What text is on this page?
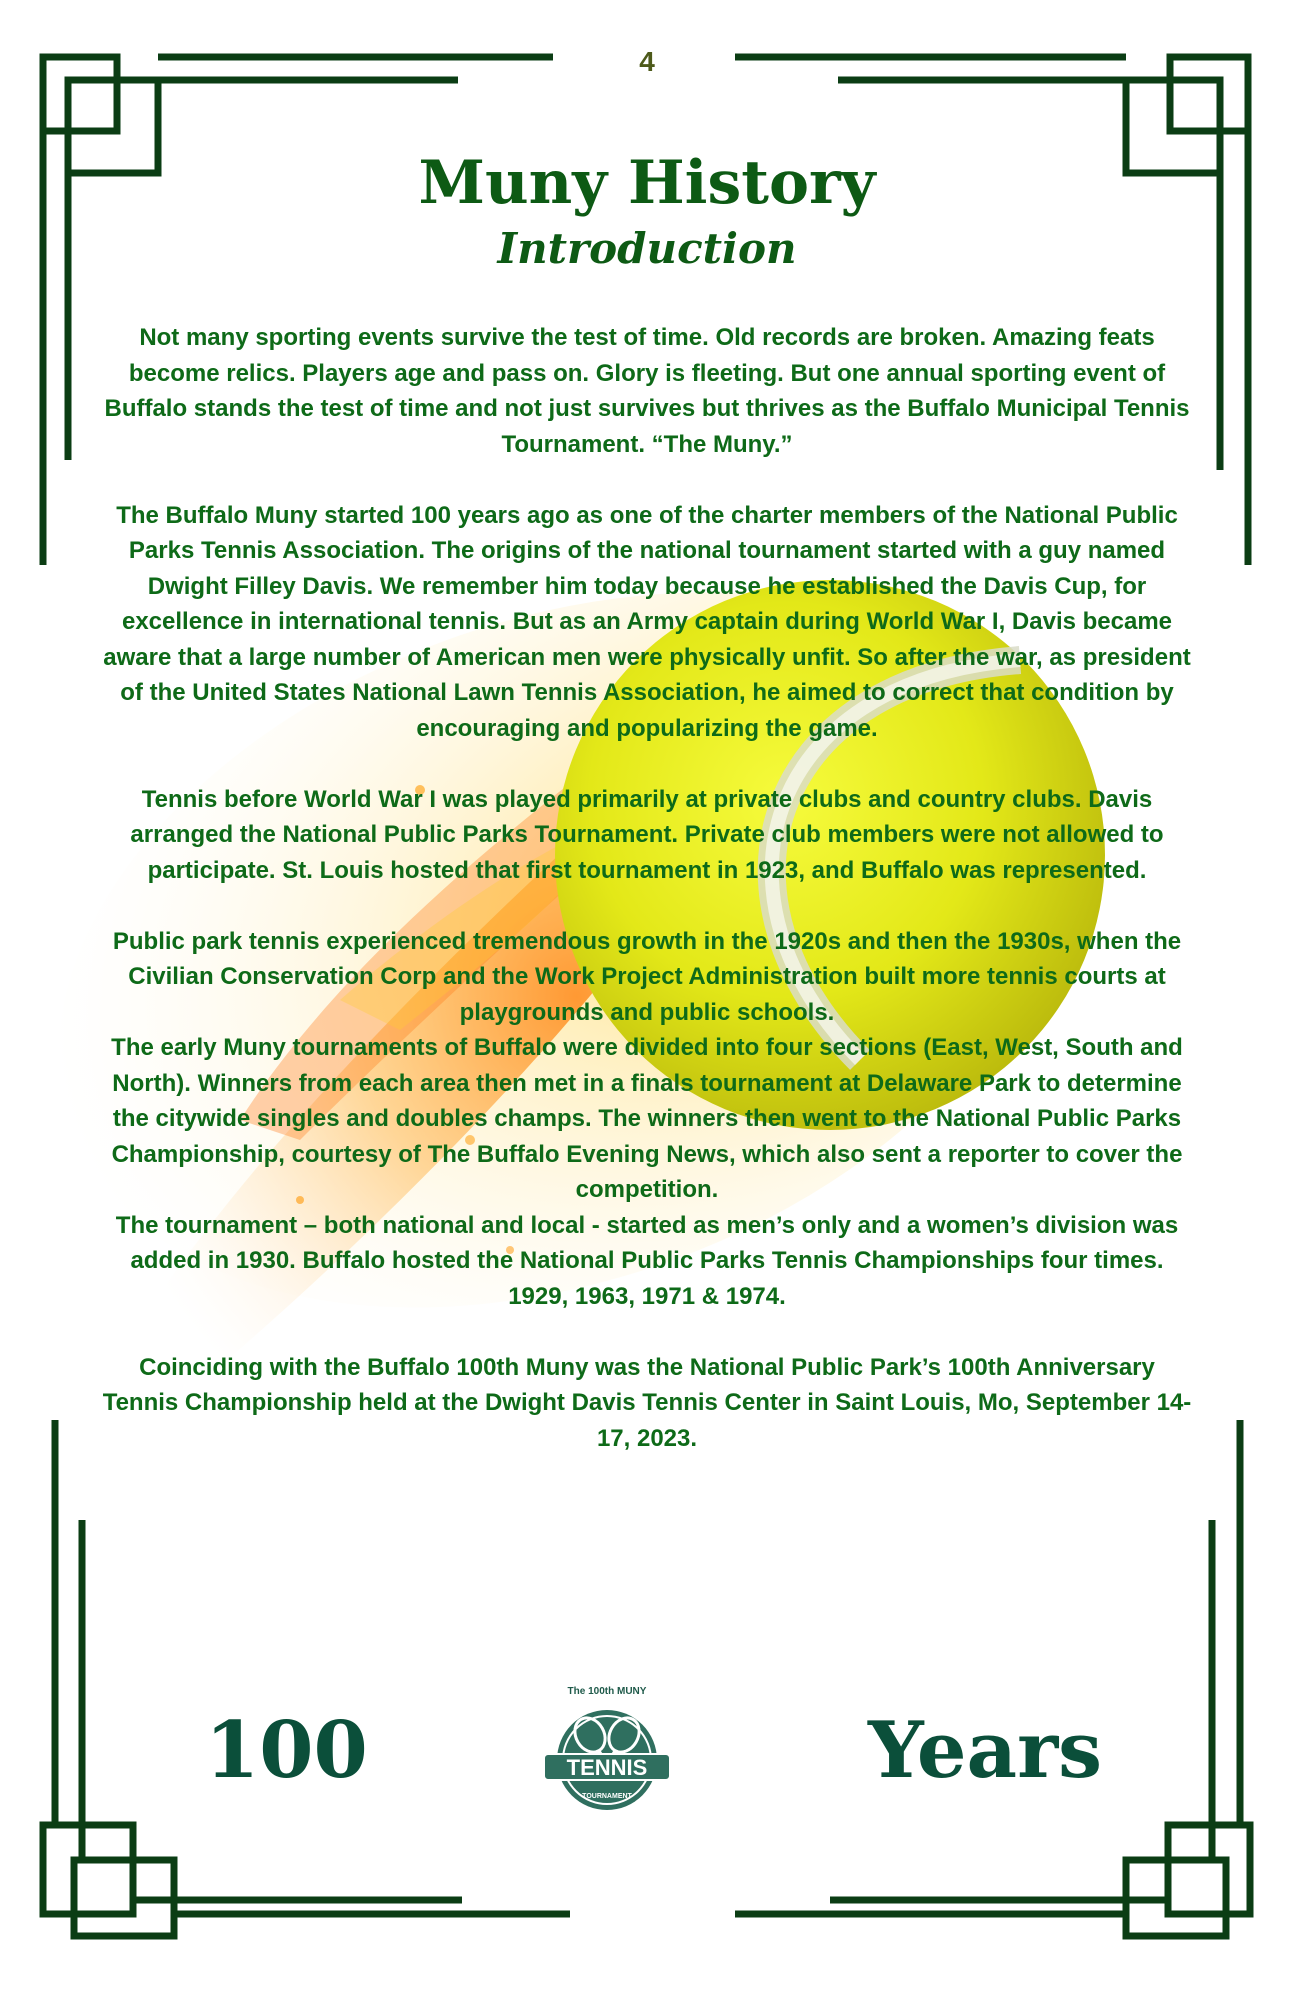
4
Muny History
Introduction

Not many sporting events survive the test of time. Old records are broken. Amazing feats become relics. Players age and pass on. Glory is fleeting. But one annual sporting event of Buffalo stands the test of time and not just survives but thrives as the Buffalo Municipal Tennis Tournament. “The Muny.”

The Buffalo Muny started 100 years ago as one of the charter members of the National Public Parks Tennis Association. The origins of the national tournament started with a guy named Dwight Filley Davis. We remember him today because he established the Davis Cup, for excellence in international tennis. But as an Army captain during World War I, Davis became aware that a large number of American men were physically unfit. So after the war, as president of the United States National Lawn Tennis Association, he aimed to correct that condition by encouraging and popularizing the game.

Tennis before World War I was played primarily at private clubs and country clubs. Davis arranged the National Public Parks Tournament. Private club members were not allowed to participate. St. Louis hosted that first tournament in 1923, and Buffalo was represented.

Public park tennis experienced tremendous growth in the 1920s and then the 1930s, when the Civilian Conservation Corp and the Work Project Administration built more tennis courts at playgrounds and public schools.

The early Muny tournaments of Buffalo were divided into four sections (East, West, South and North). Winners from each area then met in a finals tournament at Delaware Park to determine the citywide singles and doubles champs. The winners then went to the National Public Parks Championship, courtesy of The Buffalo Evening News, which also sent a reporter to cover the competition.

The tournament – both national and local - started as men’s only and a women’s division was added in 1930. Buffalo hosted the National Public Parks Tennis Championships four times.

1929, 1963, 1971 & 1974.

Coinciding with the Buffalo 100th Muny was the National Public Park’s 100th Anniversary Tennis Championship held at the Dwight Davis Tennis Center in Saint Louis, Mo, September 14-17, 2023.

100	Years
The 100th MUNY
TENNIS
TOURNAMENT
